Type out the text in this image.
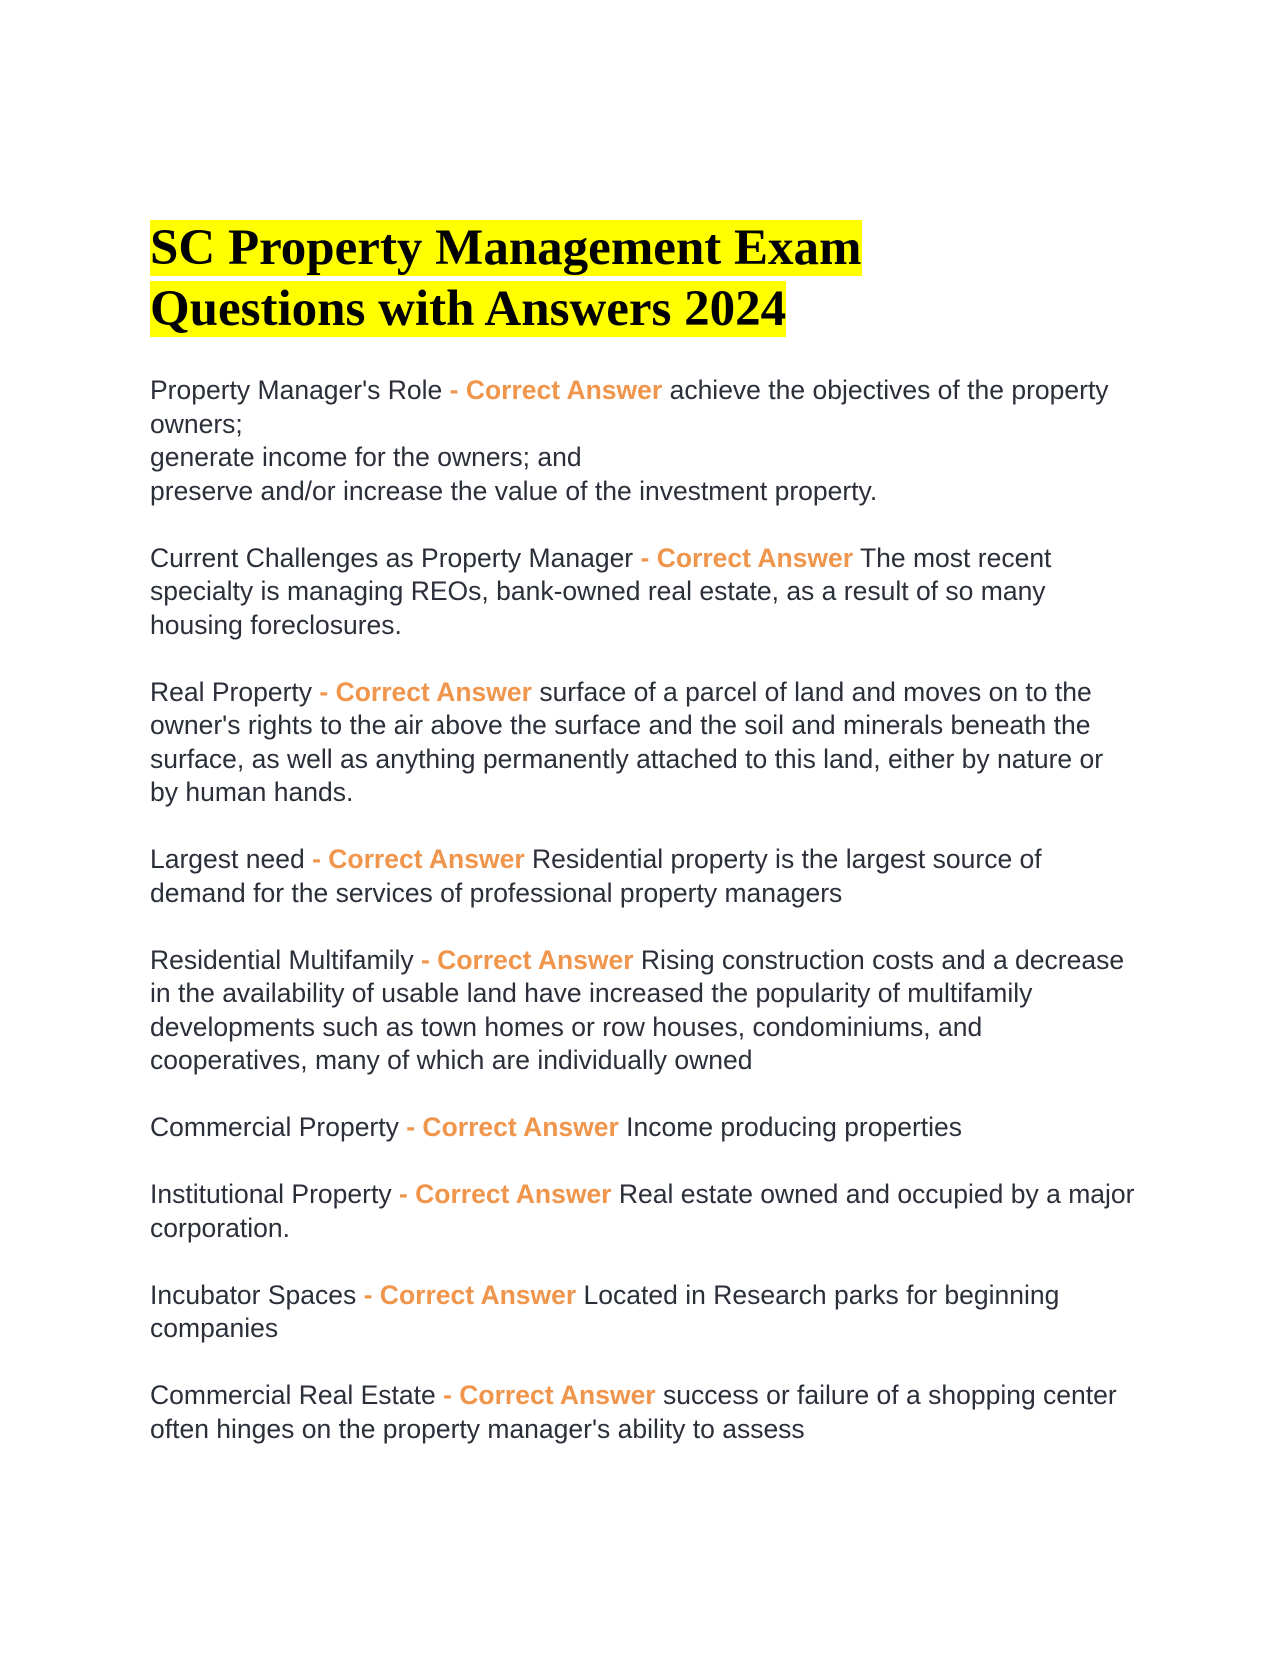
SC Property Management Exam
Questions with Answers 2024

Property Manager's Role - Correct Answer achieve the objectives of the property owners;
generate income for the owners; and
preserve and/or increase the value of the investment property.

Current Challenges as Property Manager - Correct Answer The most recent specialty is managing REOs, bank-owned real estate, as a result of so many housing foreclosures.

Real Property - Correct Answer surface of a parcel of land and moves on to the owner's rights to the air above the surface and the soil and minerals beneath the surface, as well as anything permanently attached to this land, either by nature or by human hands.

Largest need - Correct Answer Residential property is the largest source of demand for the services of professional property managers

Residential Multifamily - Correct Answer Rising construction costs and a decrease in the availability of usable land have increased the popularity of multifamily developments such as town homes or row houses, condominiums, and cooperatives, many of which are individually owned

Commercial Property - Correct Answer Income producing properties

Institutional Property - Correct Answer Real estate owned and occupied by a major corporation.

Incubator Spaces - Correct Answer Located in Research parks for beginning companies

Commercial Real Estate - Correct Answer success or failure of a shopping center often hinges on the property manager's ability to assess
